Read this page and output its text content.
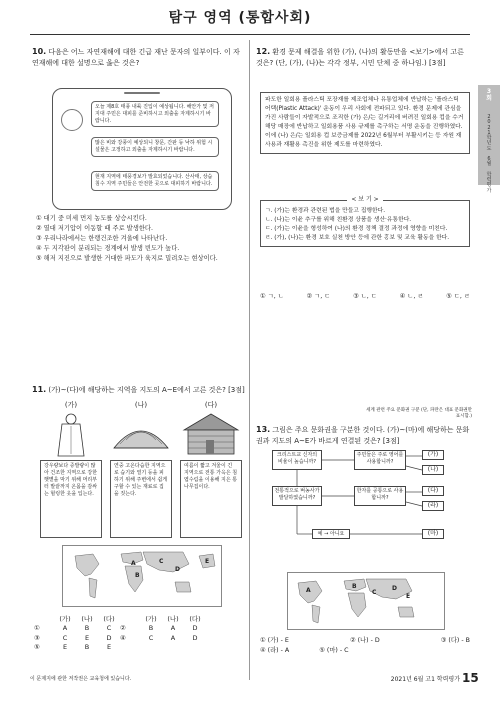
탐구 영역 (통합사회)
3
회
2
0
2
1
학
년
도

6
월

학
력
평
가
10. 다음은 어느 자연재해에 대한 긴급 재난 문자의 일부이다. 이 자연재해에 대한 설명으로 옳은 것은?
오늘 제8호 태풍 내륙 진입이 예상됩니다. 해안가 및 저지대 주민은 대피를 준비하시고 외출을 자제하시기 바랍니다.
많은 비와 강풍이 예상되니 창문, 간판 등 낙하 위험 시설물은 고정하고 외출을 자제하시기 바랍니다.
현재 지역에 태풍경보가 발효되었습니다. 산사태, 상습 침수 지역 주민들은 안전한 곳으로 대피하기 바랍니다.
① 대기 중 미세 먼지 농도를 상승시킨다.
② 열대 저기압이 이동할 때 주로 발생한다.
③ 우리나라에서는 한랭건조한 겨울에 나타난다.
④ 두 지각판이 분리되는 경계에서 발생 빈도가 높다.
⑤ 해저 지진으로 발생한 거대한 파도가 육지로 밀려오는 현상이다.
11. (가)~(다)에 해당하는 지역을 지도의 A~E에서 고른 것은? [3점]
(가)	(나)	(다)
강우량보다 증발량이 많아 건조한 지역으로 강한 햇볕을 막기 위해 머리부터 발끝까지 온몸을 감싸는 헐렁한 옷을 입는다.
연중 고온다습한 지역으로 습기와 열기 등을 피하기 위해 주변에서 쉽게 구할 수 있는 재료로 집을 짓는다.
여름이 짧고 겨울이 긴 지역으로 전통 가옥은 침엽수림을 이용해 지은 통나무집이다.
A
B
C
D
E
(가)	(나)	(다)	(가)	(나)	(다)
①	A	B	C	②	B	A	D
③	C	E	D	④	C	A	D
⑤	E	B	E
12. 환경 문제 해결을 위한 (가), (나)의 활동만을 <보기>에서 고른 것은? (단, (가), (나)는 각각 정부, 시민 단체 중 하나임.) [3점]
파도한 일회용 플라스틱 포장재를 제조업체나 유통업체에 반납하는 '플라스틱 어택(Plastic Attack)' 운동이 우리 사회에 전파되고 있다. 환경 문제에 관심을 가진 사람들이 자발적으로 조직한 (가) 은/는 길거리에 버려진 일회용 컵을 수거 해당 매장에 반납하고 일회용품 사용 규제를 촉구하는 서명 운동을 진행하였다. 이에 (나) 은/는 일회용 컵 보증금제를 2022년 6월부터 부활시키는 등 자원 재사용과 재활용 촉진을 위한 제도를 마련하였다.
< 보 기 >
ㄱ. (가)는 환경과 관련된 법을 만들고 집행한다.
ㄴ. (나)는 이윤 추구를 위해 친환경 상품을 생산·유통한다.
ㄷ. (가)는 이윤을 형성하여 (나)의 환경 정책 결정 과정에 영향을 미친다.
ㄹ. (가), (나)는 환경 보호 실천 방안 등에 관한 홍보 및 교육 활동을 한다.
① ㄱ, ㄴ	② ㄱ, ㄷ	③ ㄴ, ㄷ	④ ㄴ, ㄹ	⑤ ㄷ, ㄹ
세계 관련 주요 문화권 구분 (단, 파란은 대표 문화권만 표시함.)
13. 그림은 주요 문화권을 구분한 것이다. (가)~(마)에 해당하는 문화권과 지도의 A~E가 바르게 연결된 것은? [3점]
크리스트교 신자의 비율이 높습니까?
주민들은 주로 영어를 사용합니까?
전통적으로 벼농사가 발달하였습니까?
한자를 공통으로 사용합니까?
(가)
(나)
(다)
(라)
(마)
예 → 아니요
A
B
C
D
E
① (가) - E	② (나) - D	③ (다) - B
④ (라) - A	⑤ (마) - C
이 문제지에 관한 저작권은 교육청에 있습니다.	2021년 6월 고1 학력평가 15
